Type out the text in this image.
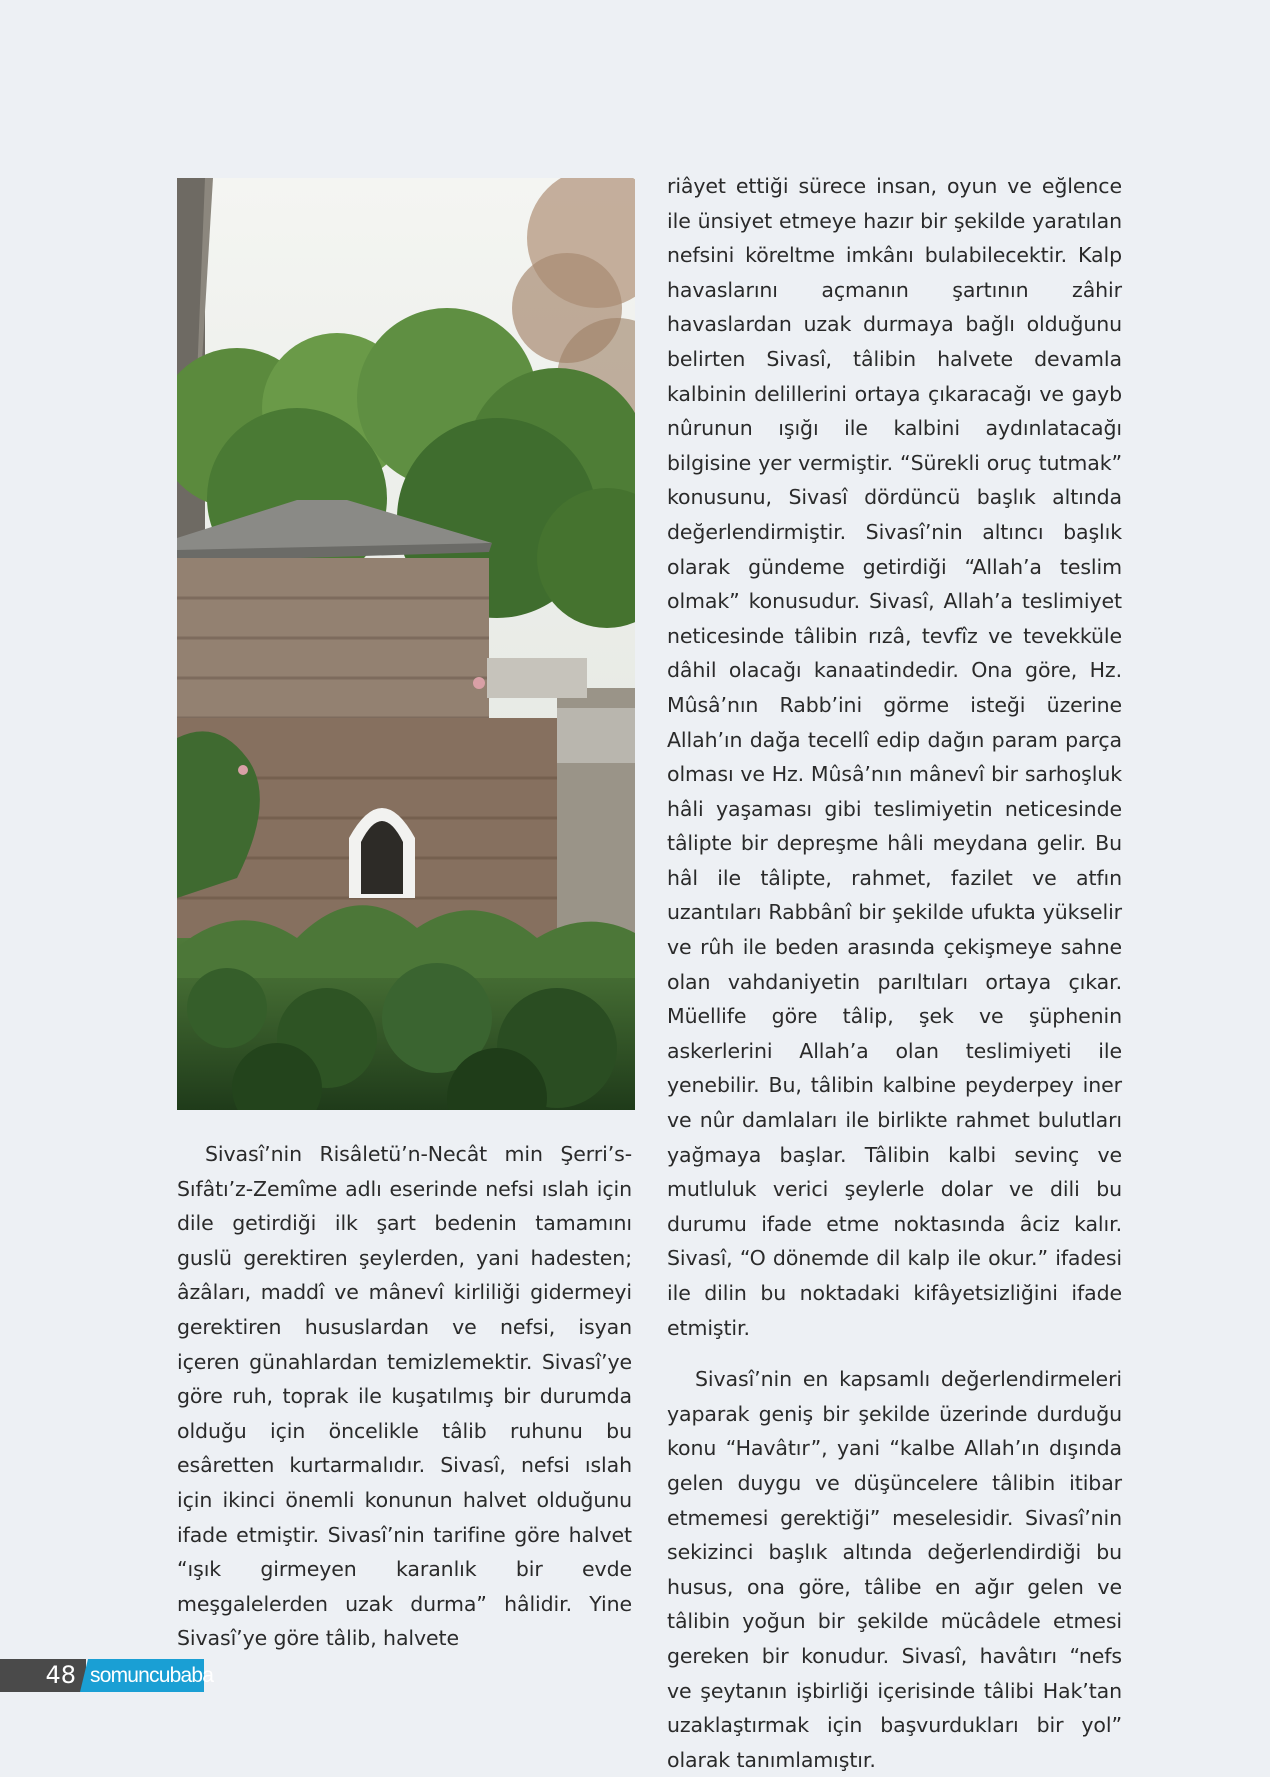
Sivasî’nin Risâletü’n-Necât min Şerri’s-Sıfâtı’z-Zemîme adlı eserinde nefsi ıslah için dile getirdiği ilk şart bedenin tamamını guslü gerektiren şeylerden, yani hadesten; âzâları, maddî ve mânevî kirliliği gidermeyi gerektiren hususlardan ve nefsi, isyan içeren günahlardan temizlemektir. Sivasî’ye göre ruh, toprak ile kuşatılmış bir durumda olduğu için öncelikle tâlib ruhunu bu esâretten kurtarmalıdır. Sivasî, nefsi ıslah için ikinci önemli konunun halvet olduğunu ifade etmiştir. Sivasî’nin tarifine göre halvet “ışık girmeyen karanlık bir evde meşgalelerden uzak durma” hâlidir. Yine Sivasî’ye göre tâlib, halvete

riâyet ettiği sürece insan, oyun ve eğlence ile ünsiyet etmeye hazır bir şekilde yaratılan nefsini köreltme imkânı bulabilecektir. Kalp havaslarını açmanın şartının zâhir havaslardan uzak durmaya bağlı olduğunu belirten Sivasî, tâlibin halvete devamla kalbinin delillerini ortaya çıkaracağı ve gayb nûrunun ışığı ile kalbini aydınlatacağı bilgisine yer vermiştir. “Sürekli oruç tutmak” konusunu, Sivasî dördüncü başlık altında değerlendirmiştir. Sivasî’nin altıncı başlık olarak gündeme getirdiği “Allah’a teslim olmak” konusudur. Sivasî, Allah’a teslimiyet neticesinde tâlibin rızâ, tevfîz ve tevekküle dâhil olacağı kanaatindedir. Ona göre, Hz. Mûsâ’nın Rabb’ini görme isteği üzerine Allah’ın dağa tecellî edip dağın param parça olması ve Hz. Mûsâ’nın mânevî bir sarhoşluk hâli yaşaması gibi teslimiyetin neticesinde tâlipte bir depreşme hâli meydana gelir. Bu hâl ile tâlipte, rahmet, fazilet ve atfın uzantıları Rabbânî bir şekilde ufukta yükselir ve rûh ile beden arasında çekişmeye sahne olan vahdaniyetin parıltıları ortaya çıkar. Müellife göre tâlip, şek ve şüphenin askerlerini Allah’a olan teslimiyeti ile yenebilir. Bu, tâlibin kalbine peyderpey iner ve nûr damlaları ile birlikte rahmet bulutları yağmaya başlar. Tâlibin kalbi sevinç ve mutluluk verici şeylerle dolar ve dili bu durumu ifade etme noktasında âciz kalır. Sivasî, “O dönemde dil kalp ile okur.” ifadesi ile dilin bu noktadaki kifâyetsizliğini ifade etmiştir.

Sivasî’nin en kapsamlı değerlendirmeleri yaparak geniş bir şekilde üzerinde durduğu konu “Havâtır”, yani “kalbe Allah’ın dışında gelen duygu ve düşüncelere tâlibin itibar etmemesi gerektiği” meselesidir. Sivasî’nin sekizinci başlık altında değerlendirdiği bu husus, ona göre, tâlibe en ağır gelen ve tâlibin yoğun bir şekilde mücâdele etmesi gereken bir konudur. Sivasî, havâtırı “nefs ve şeytanın işbirliği içerisinde tâlibi Hak’tan uzaklaştırmak için başvurdukları bir yol” olarak tanımlamıştır.

48 somuncubaba
